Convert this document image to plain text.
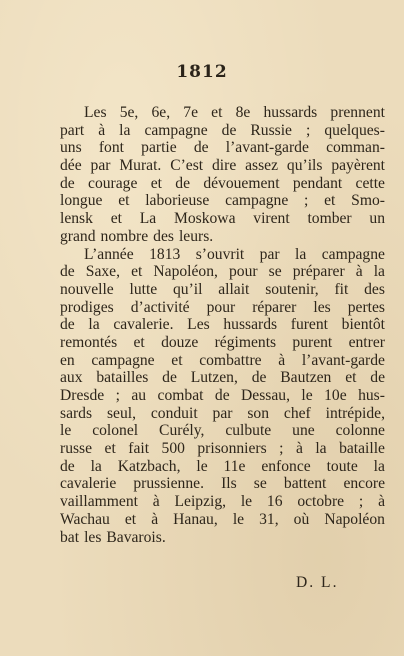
1812
Les 5e, 6e, 7e et 8e hussards prennent
part à la campagne de Russie ; quelques-
uns font partie de l’avant-garde comman-
dée par Murat. C’est dire assez qu’ils payèrent
de courage et de dévouement pendant cette
longue et laborieuse campagne ; et Smo-
lensk et La Moskowa virent tomber un
grand nombre des leurs.
L’année 1813 s’ouvrit par la campagne
de Saxe, et Napoléon, pour se préparer à la
nouvelle lutte qu’il allait soutenir, fit des
prodiges d’activité pour réparer les pertes
de la cavalerie. Les hussards furent bientôt
remontés et douze régiments purent entrer
en campagne et combattre à l’avant-garde
aux batailles de Lutzen, de Bautzen et de
Dresde ; au combat de Dessau, le 10e hus-
sards seul, conduit par son chef intrépide,
le colonel Curély, culbute une colonne
russe et fait 500 prisonniers ; à la bataille
de la Katzbach, le 11e enfonce toute la
cavalerie prussienne. Ils se battent encore
vaillamment à Leipzig, le 16 octobre ; à
Wachau et à Hanau, le 31, où Napoléon
bat les Bavarois.
D. L.
